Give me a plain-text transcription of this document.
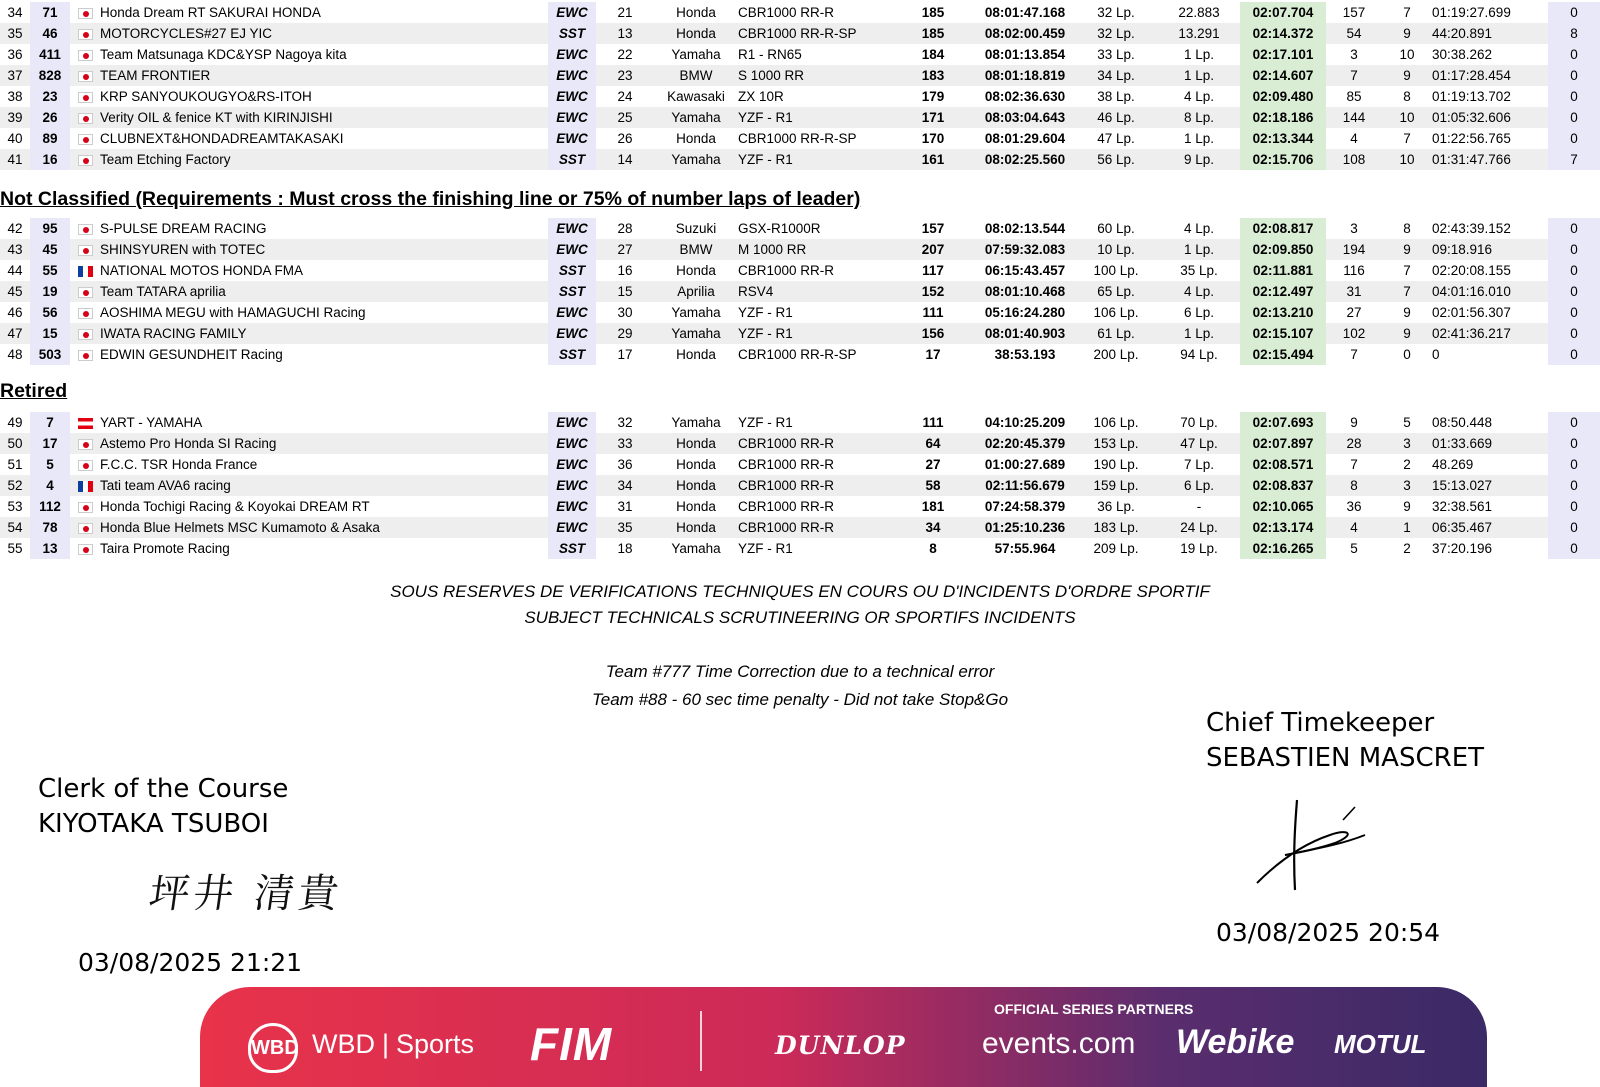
34	71		Honda Dream RT SAKURAI HONDA	EWC	21	Honda	CBR1000 RR-R	185	08:01:47.168	32 Lp.	22.883	02:07.704	157	7	01:19:27.699	0
35	46		MOTORCYCLES#27 EJ YIC	SST	13	Honda	CBR1000 RR-R-SP	185	08:02:00.459	32 Lp.	13.291	02:14.372	54	9	44:20.891	8
36	411		Team Matsunaga KDC&YSP Nagoya kita	EWC	22	Yamaha	R1 - RN65	184	08:01:13.854	33 Lp.	1 Lp.	02:17.101	3	10	30:38.262	0
37	828		TEAM FRONTIER	EWC	23	BMW	S 1000 RR	183	08:01:18.819	34 Lp.	1 Lp.	02:14.607	7	9	01:17:28.454	0
38	23		KRP SANYOUKOUGYO&RS-ITOH	EWC	24	Kawasaki	ZX 10R	179	08:02:36.630	38 Lp.	4 Lp.	02:09.480	85	8	01:19:13.702	0
39	26		Verity OIL & fenice KT with KIRINJISHI	EWC	25	Yamaha	YZF - R1	171	08:03:04.643	46 Lp.	8 Lp.	02:18.186	144	10	01:05:32.606	0
40	89		CLUBNEXT&HONDADREAMTAKASAKI	EWC	26	Honda	CBR1000 RR-R-SP	170	08:01:29.604	47 Lp.	1 Lp.	02:13.344	4	7	01:22:56.765	0
41	16		Team Etching Factory	SST	14	Yamaha	YZF - R1	161	08:02:25.560	56 Lp.	9 Lp.	02:15.706	108	10	01:31:47.766	7
Not Classified (Requirements : Must cross the finishing line or 75% of number laps of leader)
42	95		S-PULSE DREAM RACING	EWC	28	Suzuki	GSX-R1000R	157	08:02:13.544	60 Lp.	4 Lp.	02:08.817	3	8	02:43:39.152	0
43	45		SHINSYUREN with TOTEC	EWC	27	BMW	M 1000 RR	207	07:59:32.083	10 Lp.	1 Lp.	02:09.850	194	9	09:18.916	0
44	55		NATIONAL MOTOS HONDA FMA	SST	16	Honda	CBR1000 RR-R	117	06:15:43.457	100 Lp.	35 Lp.	02:11.881	116	7	02:20:08.155	0
45	19		Team TATARA aprilia	SST	15	Aprilia	RSV4	152	08:01:10.468	65 Lp.	4 Lp.	02:12.497	31	7	04:01:16.010	0
46	56		AOSHIMA MEGU with HAMAGUCHI Racing	EWC	30	Yamaha	YZF - R1	111	05:16:24.280	106 Lp.	6 Lp.	02:13.210	27	9	02:01:56.307	0
47	15		IWATA RACING FAMILY	EWC	29	Yamaha	YZF - R1	156	08:01:40.903	61 Lp.	1 Lp.	02:15.107	102	9	02:41:36.217	0
48	503		EDWIN GESUNDHEIT Racing	SST	17	Honda	CBR1000 RR-R-SP	17	38:53.193	200 Lp.	94 Lp.	02:15.494	7	0	0	0
Retired
49	7		YART - YAMAHA	EWC	32	Yamaha	YZF - R1	111	04:10:25.209	106 Lp.	70 Lp.	02:07.693	9	5	08:50.448	0
50	17		Astemo Pro Honda SI Racing	EWC	33	Honda	CBR1000 RR-R	64	02:20:45.379	153 Lp.	47 Lp.	02:07.897	28	3	01:33.669	0
51	5		F.C.C. TSR Honda France	EWC	36	Honda	CBR1000 RR-R	27	01:00:27.689	190 Lp.	7 Lp.	02:08.571	7	2	48.269	0
52	4		Tati team AVA6 racing	EWC	34	Honda	CBR1000 RR-R	58	02:11:56.679	159 Lp.	6 Lp.	02:08.837	8	3	15:13.027	0
53	112		Honda Tochigi Racing & Koyokai DREAM RT	EWC	31	Honda	CBR1000 RR-R	181	07:24:58.379	36 Lp.	-	02:10.065	36	9	32:38.561	0
54	78		Honda Blue Helmets MSC Kumamoto & Asaka	EWC	35	Honda	CBR1000 RR-R	34	01:25:10.236	183 Lp.	24 Lp.	02:13.174	4	1	06:35.467	0
55	13		Taira Promote Racing	SST	18	Yamaha	YZF - R1	8	57:55.964	209 Lp.	19 Lp.	02:16.265	5	2	37:20.196	0
SOUS RESERVES DE VERIFICATIONS TECHNIQUES EN COURS OU D'INCIDENTS D'ORDRE SPORTIF
SUBJECT TECHNICALS SCRUTINEERING OR SPORTIFS INCIDENTS
Team #777 Time Correction due to a technical error
Team #88 - 60 sec time penalty - Did not take Stop&Go
Clerk of the Course
KIYOTAKA TSUBOI
坪井 清貴
03/08/2025 21:21
Chief Timekeeper
SEBASTIEN MASCRET
03/08/2025 20:54
WBD WBD | Sports FIM
OFFICIAL SERIES PARTNERS
DUNLOP	events.com Webike MOTUL
